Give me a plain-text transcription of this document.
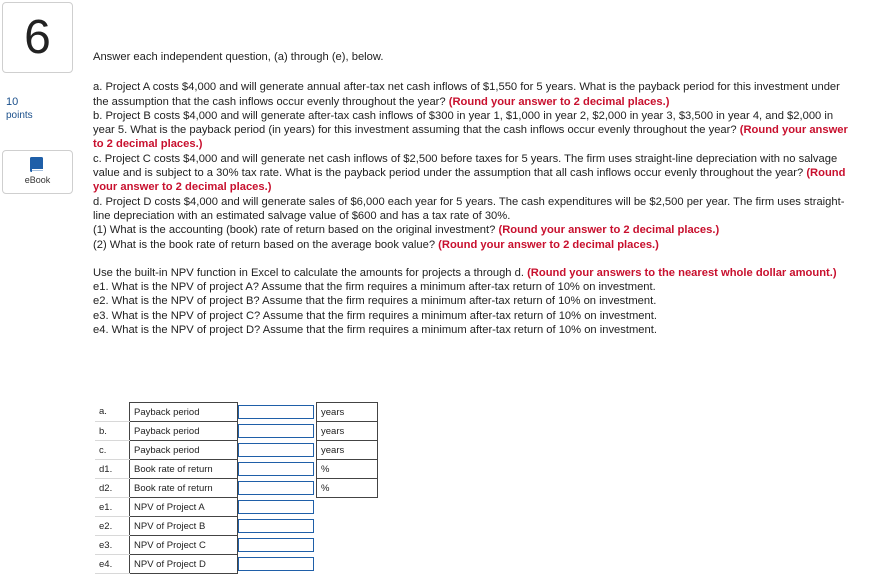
6
10
points
eBook

Answer each independent question, (a) through (e), below.

a. Project A costs $4,000 and will generate annual after-tax net cash inflows of $1,550 for 5 years. What is the payback period for this investment under the assumption that the cash inflows occur evenly throughout the year? (Round your answer to 2 decimal places.)

b. Project B costs $4,000 and will generate after-tax cash inflows of $300 in year 1, $1,000 in year 2, $2,000 in year 3, $3,500 in year 4, and $2,000 in year 5. What is the payback period (in years) for this investment assuming that the cash inflows occur evenly throughout the year? (Round your answer to 2 decimal places.)

c. Project C costs $4,000 and will generate net cash inflows of $2,500 before taxes for 5 years. The firm uses straight-line depreciation with no salvage value and is subject to a 30% tax rate. What is the payback period under the assumption that all cash inflows occur evenly throughout the year? (Round your answer to 2 decimal places.)

d. Project D costs $4,000 and will generate sales of $6,000 each year for 5 years. The cash expenditures will be $2,500 per year. The firm uses straight-line depreciation with an estimated salvage value of $600 and has a tax rate of 30%.

(1) What is the accounting (book) rate of return based on the original investment? (Round your answer to 2 decimal places.)

(2) What is the book rate of return based on the average book value? (Round your answer to 2 decimal places.)

Use the built-in NPV function in Excel to calculate the amounts for projects a through d. (Round your answers to the nearest whole dollar amount.)

e1. What is the NPV of project A? Assume that the firm requires a minimum after-tax return of 10% on investment.

e2. What is the NPV of project B? Assume that the firm requires a minimum after-tax return of 10% on investment.

e3. What is the NPV of project C? Assume that the firm requires a minimum after-tax return of 10% on investment.

e4. What is the NPV of project D? Assume that the firm requires a minimum after-tax return of 10% on investment.

a.	Payback period		years
b.	Payback period		years
c.	Payback period		years
d1.	Book rate of return		%
d2.	Book rate of return		%
e1.	NPV of Project A	

e2.	NPV of Project B	

e3.	NPV of Project C	

e4.	NPV of Project D	
